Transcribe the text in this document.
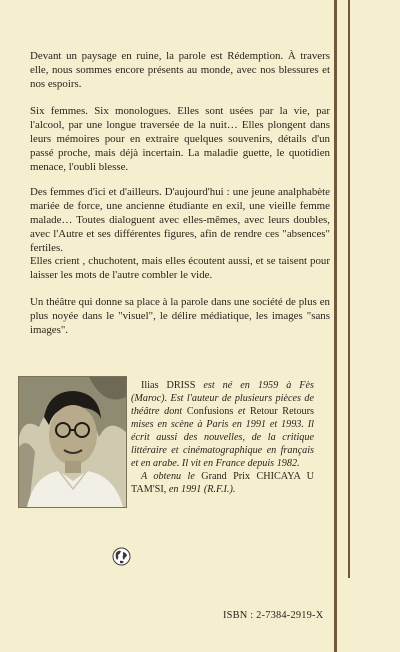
Devant un paysage en ruine, la parole est Rédemption. À travers elle, nous sommes encore présents au monde, avec nos blessures et nos espoirs.

Six femmes. Six monologues. Elles sont usées par la vie, par l'alcool, par une longue traversée de la nuit… Elles plongent dans leurs mémoires pour en extraire quelques souvenirs, détails d'un passé proche, mais déjà incertain. La maladie guette, le quotidien menace, l'oubli blesse.

Des femmes d'ici et d'ailleurs. D'aujourd'hui : une jeune analphabète mariée de force, une ancienne étudiante en exil, une vieille femme malade… Toutes dialoguent avec elles-mêmes, avec leurs doubles, avec l'Autre et ses différentes figures, afin de rendre ces "absences" fertiles.

Elles crient , chuchotent, mais elles écoutent aussi, et se taisent pour laisser les mots de l'autre combler le vide.

Un théâtre qui donne sa place à la parole dans une société de plus en plus noyée dans le "visuel", le délire médiatique, les images "sans images".

Ilias DRISS est né en 1959 à Fès (Maroc). Est l'auteur de plusieurs pièces de théâtre dont Confusions et Retour Retours mises en scène à Paris en 1991 et 1993. Il écrit aussi des nouvelles, de la critique littéraire et cinématographique en français et en arabe. Il vit en France depuis 1982.
A obtenu le Grand Prix CHICAYA U TAM'SI, en 1991 (R.F.I.).
ISBN : 2-7384-2919-X
